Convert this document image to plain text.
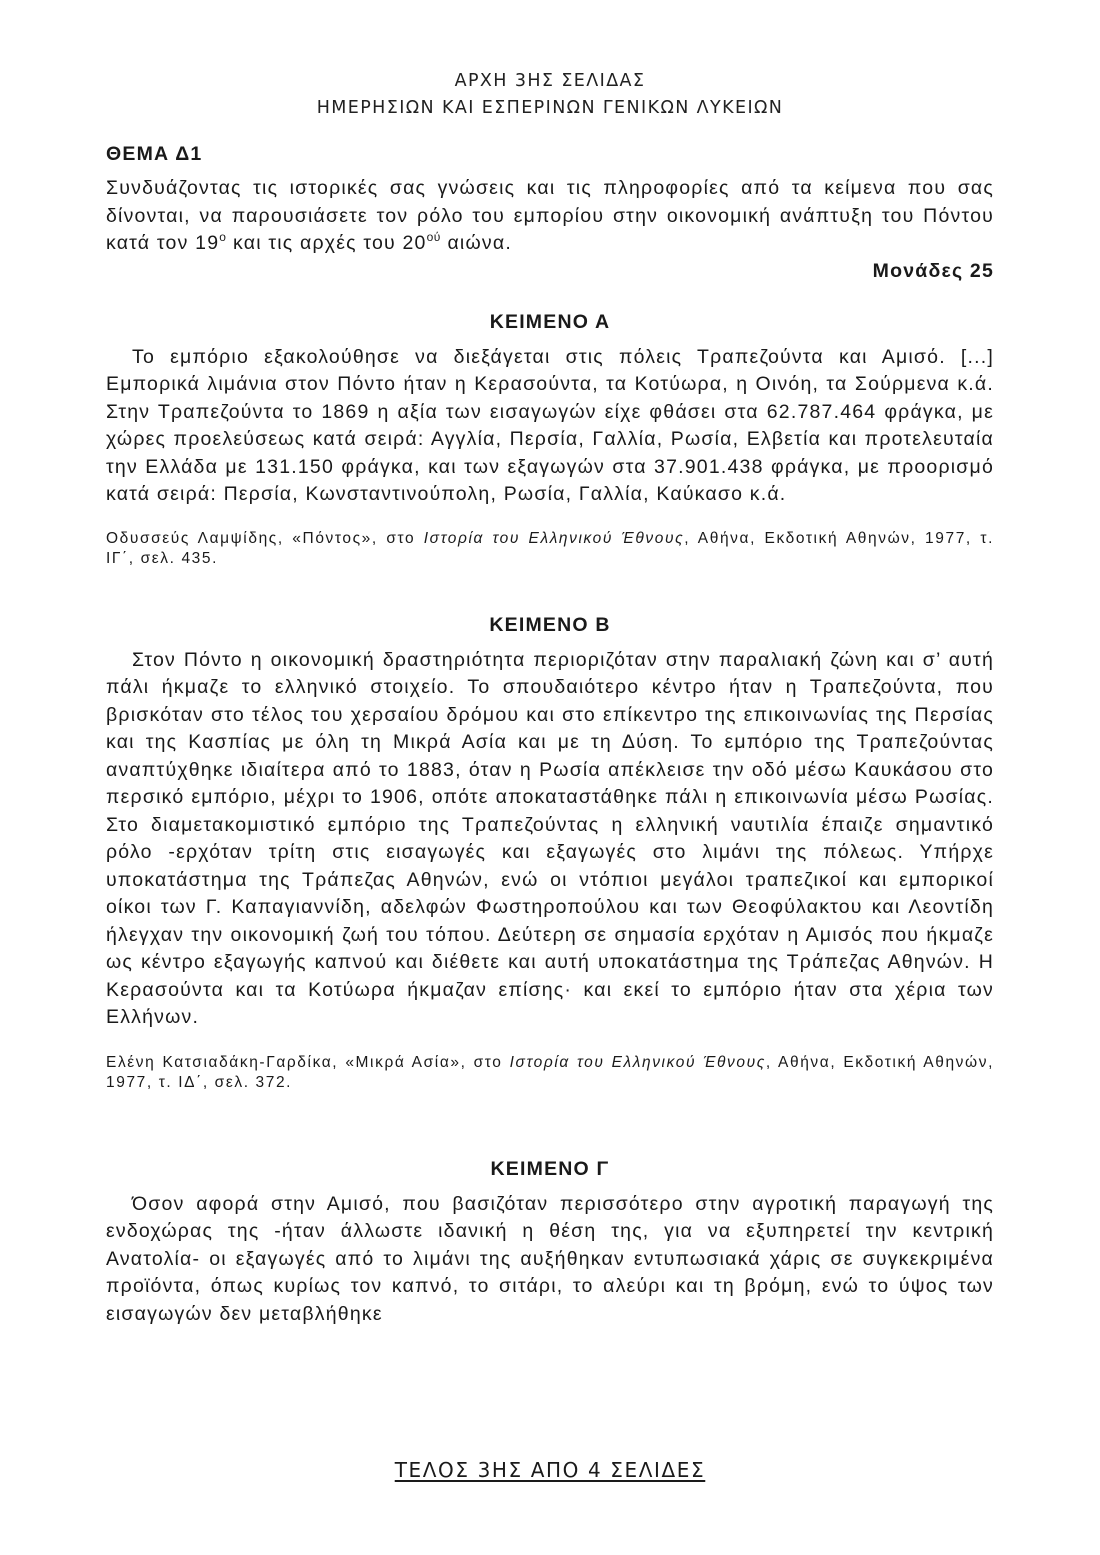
ΑΡΧΗ 3ΗΣ ΣΕΛΙΔΑΣ
ΗΜΕΡΗΣΙΩΝ ΚΑΙ ΕΣΠΕΡΙΝΩΝ ΓΕΝΙΚΩΝ ΛΥΚΕΙΩΝ
ΘΕΜΑ Δ1

Συνδυάζοντας τις ιστορικές σας γνώσεις και τις πληροφορίες από τα κείμενα που σας δίνονται, να παρουσιάσετε τον ρόλο του εμπορίου στην οικονομική ανάπτυξη του Πόντου κατά τον $19^o$ και τις αρχές του $20^{oύ}$ αιώνα.

Μονάδες 25
ΚΕΙΜΕΝΟ Α

Το εμπόριο εξακολούθησε να διεξάγεται στις πόλεις Τραπεζούντα και Αμισό. [...] Εμπορικά λιμάνια στον Πόντο ήταν η Κερασούντα, τα Κοτύωρα, η Οινόη, τα Σούρμενα κ.ά. Στην Τραπεζούντα το 1869 η αξία των εισαγωγών είχε φθάσει στα 62.787.464 φράγκα, με χώρες προελεύσεως κατά σειρά: Αγγλία, Περσία, Γαλλία, Ρωσία, Ελβετία και προτελευταία την Ελλάδα με 131.150 φράγκα, και των εξαγωγών στα 37.901.438 φράγκα, με προορισμό κατά σειρά: Περσία, Κωνσταντινούπολη, Ρωσία, Γαλλία, Καύκασο κ.ά.

Οδυσσεύς Λαμψίδης, «Πόντος», στο Ιστορία του Ελληνικού Έθνους, Αθήνα, Εκδοτική Αθηνών, 1977, τ. ΙΓ΄, σελ. 435.
ΚΕΙΜΕΝΟ Β

Στον Πόντο η οικονομική δραστηριότητα περιοριζόταν στην παραλιακή ζώνη και σ’ αυτή πάλι ήκμαζε το ελληνικό στοιχείο. Το σπουδαιότερο κέντρο ήταν η Τραπεζούντα, που βρισκόταν στο τέλος του χερσαίου δρόμου και στο επίκεντρο της επικοινωνίας της Περσίας και της Κασπίας με όλη τη Μικρά Ασία και με τη Δύση. Το εμπόριο της Τραπεζούντας αναπτύχθηκε ιδιαίτερα από το 1883, όταν η Ρωσία απέκλεισε την οδό μέσω Καυκάσου στο περσικό εμπόριο, μέχρι το 1906, οπότε αποκαταστάθηκε πάλι η επικοινωνία μέσω Ρωσίας. Στο διαμετακομιστικό εμπόριο της Τραπεζούντας η ελληνική ναυτιλία έπαιζε σημαντικό ρόλο -ερχόταν τρίτη στις εισαγωγές και εξαγωγές στο λιμάνι της πόλεως. Υπήρχε υποκατάστημα της Τράπεζας Αθηνών, ενώ οι ντόπιοι μεγάλοι τραπεζικοί και εμπορικοί οίκοι των Γ. Καπαγιαννίδη, αδελφών Φωστηροπούλου και των Θεοφύλακτου και Λεοντίδη ήλεγχαν την οικονομική ζωή του τόπου. Δεύτερη σε σημασία ερχόταν η Αμισός που ήκμαζε ως κέντρο εξαγωγής καπνού και διέθετε και αυτή υποκατάστημα της Τράπεζας Αθηνών. Η Κερασούντα και τα Κοτύωρα ήκμαζαν επίσης· και εκεί το εμπόριο ήταν στα χέρια των Ελλήνων.

Ελένη Κατσιαδάκη-Γαρδίκα, «Μικρά Ασία», στο Ιστορία του Ελληνικού Έθνους, Αθήνα, Εκδοτική Αθηνών, 1977, τ. ΙΔ΄, σελ. 372.
ΚΕΙΜΕΝΟ Γ

Όσον αφορά στην Αμισό, που βασιζόταν περισσότερο στην αγροτική παραγωγή της ενδοχώρας της -ήταν άλλωστε ιδανική η θέση της, για να εξυπηρετεί την κεντρική Ανατολία- οι εξαγωγές από το λιμάνι της αυξήθηκαν εντυπωσιακά χάρις σε συγκεκριμένα προϊόντα, όπως κυρίως τον καπνό, το σιτάρι, το αλεύρι και τη βρόμη, ενώ το ύψος των εισαγωγών δεν μεταβλήθηκε

ΤΕΛΟΣ 3ΗΣ ΑΠΟ 4 ΣΕΛΙΔΕΣ
